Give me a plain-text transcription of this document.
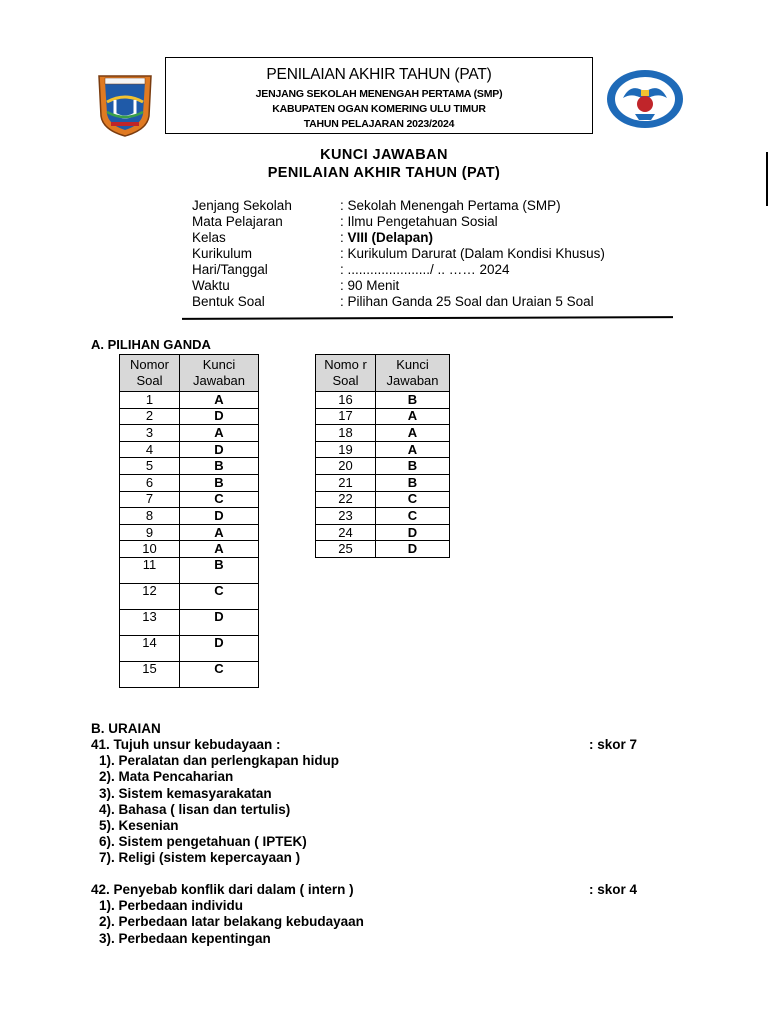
PENILAIAN AKHIR TAHUN (PAT)
JENJANG SEKOLAH MENENGAH PERTAMA (SMP)
KABUPATEN OGAN KOMERING ULU TIMUR
TAHUN PELAJARAN 2023/2024
KUNCI JAWABAN
PENILAIAN AKHIR TAHUN (PAT)
Jenjang Sekolah	: Sekolah Menengah Pertama (SMP)
Mata Pelajaran	: Ilmu Pengetahuan Sosial
Kelas	: VIII (Delapan)
Kurikulum	: Kurikulum Darurat (Dalam Kondisi Khusus)
Hari/Tanggal	: ....................../ .. …… 2024
Waktu	: 90 Menit
Bentuk Soal	: Pilihan Ganda 25 Soal dan Uraian 5 Soal
A. PILIHAN GANDA
Nomor Soal	Kunci Jawaban
1	A
2	D
3	A
4	D
5	B
6	B
7	C
8	D
9	A
10	A
11	B
12	C
13	D
14	D
15	C
Nomo r Soal	Kunci Jawaban
16	B
17	A
18	A
19	A
20	B
21	B
22	C
23	C
24	D
25	D
B. URAIAN
41. Tujuh unsur kebudayaan :	: skor 7
1). Peralatan dan perlengkapan hidup
2). Mata Pencaharian
3). Sistem kemasyarakatan
4). Bahasa ( lisan dan tertulis)
5). Kesenian
6). Sistem pengetahuan ( IPTEK)
7). Religi (sistem kepercayaan )
42. Penyebab konflik dari dalam ( intern )	: skor 4
1). Perbedaan individu
2). Perbedaan latar belakang kebudayaan
3). Perbedaan kepentingan
